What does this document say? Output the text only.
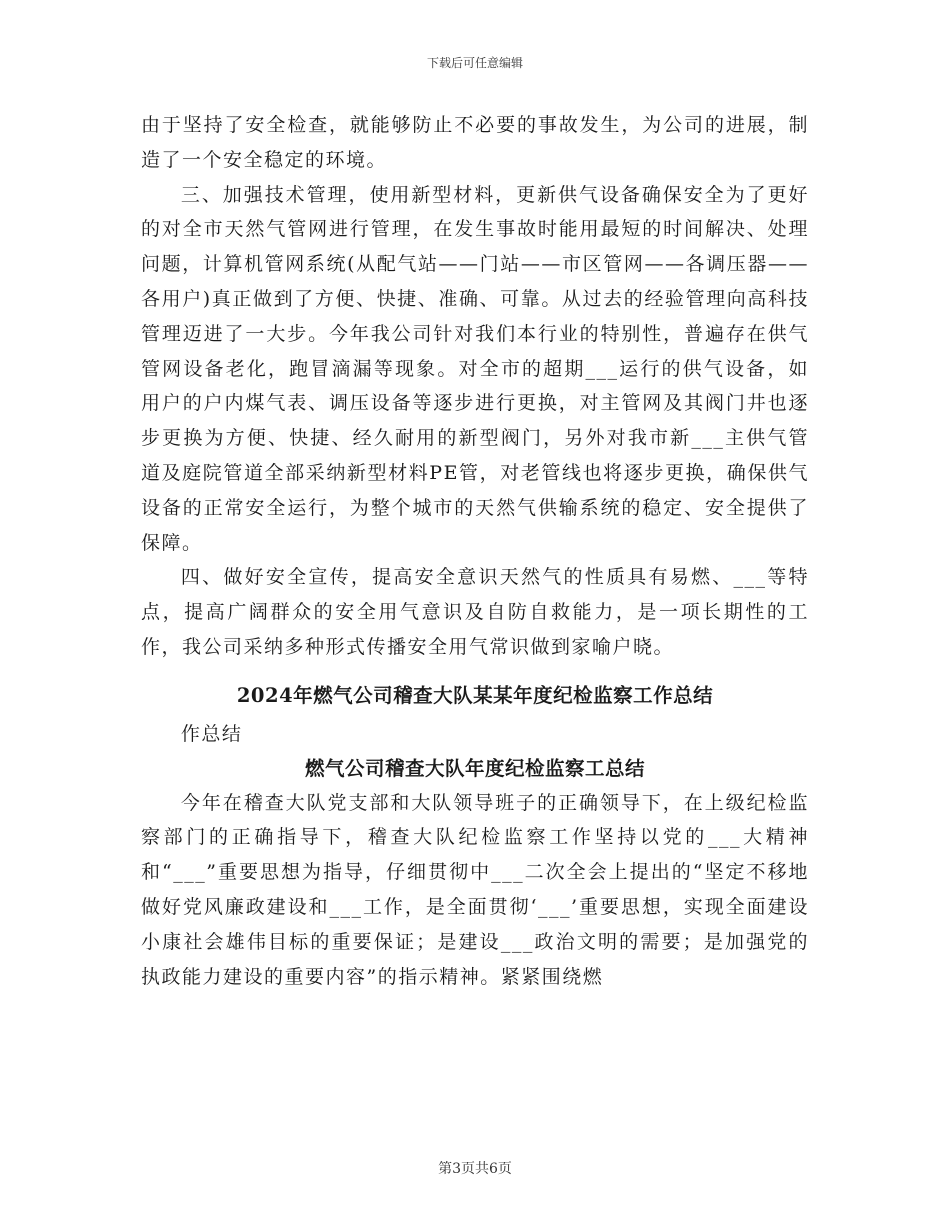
下载后可任意编辑

由于坚持了安全检查，就能够防止不必要的事故发生，为公司的进展，制造了一个安全稳定的环境。

三、加强技术管理，使用新型材料，更新供气设备确保安全为了更好的对全市天然气管网进行管理，在发生事故时能用最短的时间解决、处理问题，计算机管网系统(从配气站——门站——市区管网——各调压器——各用户)真正做到了方便、快捷、准确、可靠。从过去的经验管理向高科技管理迈进了一大步。今年我公司针对我们本行业的特别性，普遍存在供气管网设备老化，跑冒滴漏等现象。对全市的超期___运行的供气设备，如用户的户内煤气表、调压设备等逐步进行更换，对主管网及其阀门井也逐步更换为方便、快捷、经久耐用的新型阀门，另外对我市新___主供气管道及庭院管道全部采纳新型材料PE管，对老管线也将逐步更换，确保供气设备的正常安全运行，为整个城市的天然气供输系统的稳定、安全提供了保障。

四、做好安全宣传，提高安全意识天然气的性质具有易燃、___等特点，提高广阔群众的安全用气意识及自防自救能力，是一项长期性的工作，我公司采纳多种形式传播安全用气常识做到家喻户晓。

2024年燃气公司稽查大队某某年度纪检监察工作总结

作总结

燃气公司稽查大队年度纪检监察工总结

今年在稽查大队党支部和大队领导班子的正确领导下，在上级纪检监察部门的正确指导下，稽查大队纪检监察工作坚持以党的___大精神和“___”重要思想为指导，仔细贯彻中___二次全会上提出的“坚定不移地做好党风廉政建设和___工作，是全面贯彻‘___’重要思想，实现全面建设小康社会雄伟目标的重要保证；是建设___政治文明的需要；是加强党的执政能力建设的重要内容”的指示精神。紧紧围绕燃

第3页共6页
